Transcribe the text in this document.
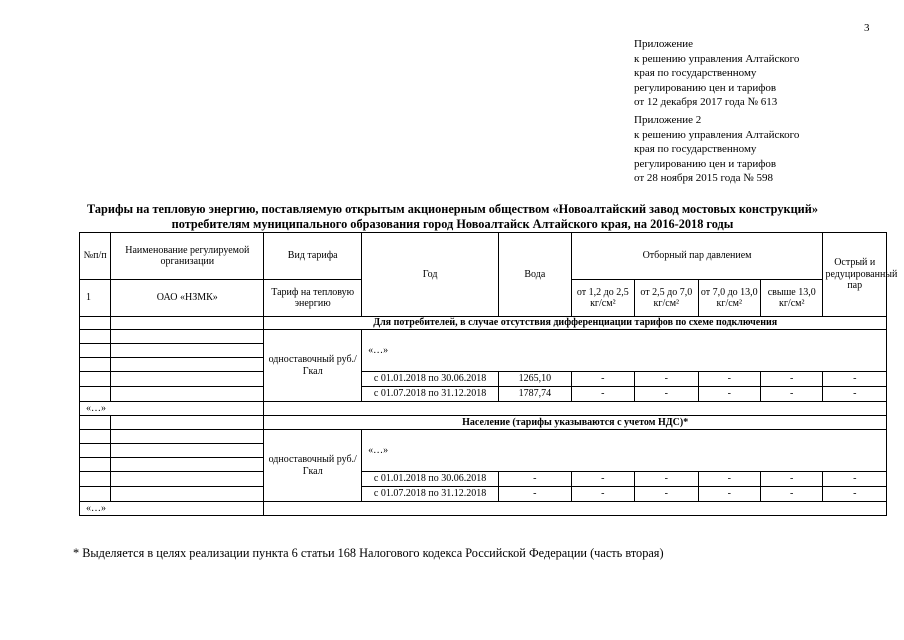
3
Приложение
к решению управления Алтайского
края по государственному
регулированию цен и тарифов
от 12 декабря 2017 года № 613
Приложение 2
к решению управления Алтайского
края по государственному
регулированию цен и тарифов
от 28 ноября 2015 года № 598
Тарифы на тепловую энергию, поставляемую открытым акционерным обществом «Новоалтайский завод мостовых конструкций»
потребителям муниципального образования город Новоалтайск Алтайского края, на 2016-2018 годы
№п/п	Наименование регулируемой организации	Вид тарифа	Год	Вода	Отборный пар давлением				Острый и редуцированный пар
1	ОАО «НЗМК»	Тариф на тепловую энергию			от 1,2 до 2,5 кг/см²	от 2,5 до 7,0 кг/см²	от 7,0 до 13,0 кг/см²	свыше 13,0 кг/см²	
		Для потребителей, в случае отсутствия дифференциации тарифов по схеме подключения							
		одноставочный руб./Гкал	«…»						

			с 01.01.2018 по 30.06.2018	1265,10	-	-	-	-	-
			с 01.07.2018 по 31.12.2018	1787,74	-	-	-	-	-
«…»									
		Население (тарифы указываются с учетом НДС)*							
		одноставочный руб./Гкал	«…»						

			с 01.01.2018 по 30.06.2018	-	-	-	-	-	-
			с 01.07.2018 по 31.12.2018	-	-	-	-	-	-
«…»									
* Выделяется в целях реализации пункта 6 статьи 168 Налогового кодекса Российской Федерации (часть вторая)
